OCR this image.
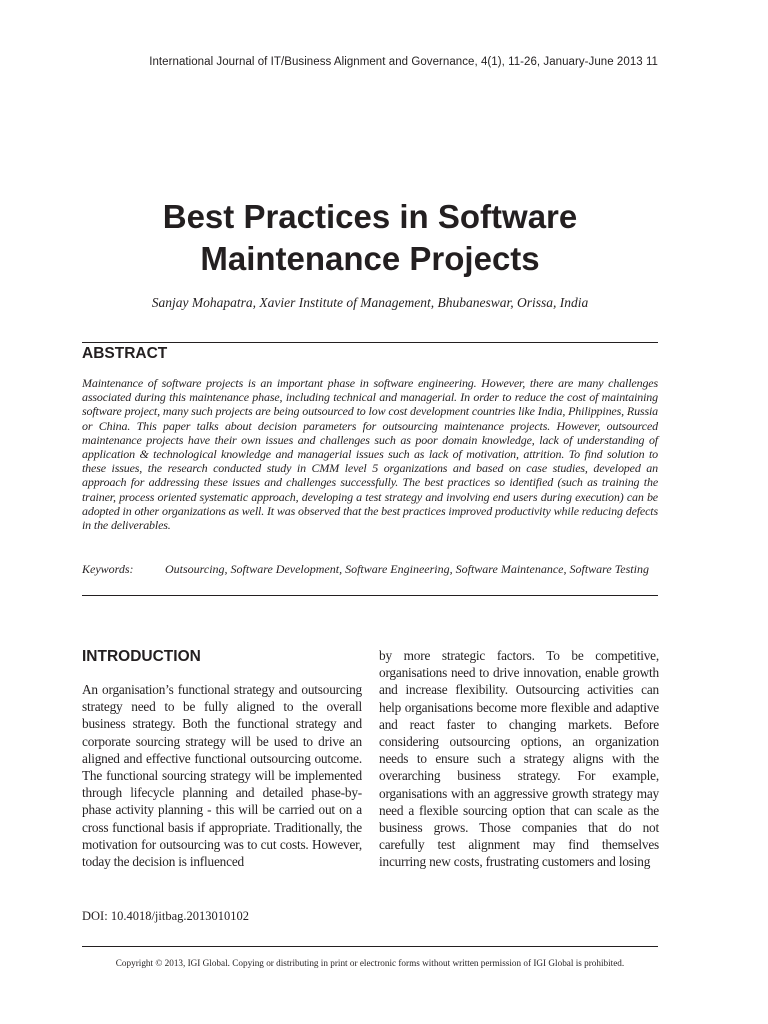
International Journal of IT/Business Alignment and Governance, 4(1), 11-26, January-June 2013 11
Best Practices in Software
Maintenance Projects
Sanjay Mohapatra, Xavier Institute of Management, Bhubaneswar, Orissa, India
ABSTRACT
Maintenance of software projects is an important phase in software engineering. However, there are many challenges associated during this maintenance phase, including technical and managerial. In order to reduce the cost of maintaining software project, many such projects are being outsourced to low cost development countries like India, Philippines, Russia or China. This paper talks about decision parameters for outsourcing maintenance projects. However, outsourced maintenance projects have their own issues and challenges such as poor domain knowledge, lack of understanding of application & technological knowledge and managerial issues such as lack of motivation, attrition. To find solution to these issues, the research conducted study in CMM level 5 organizations and based on case studies, developed an approach for addressing these issues and challenges successfully. The best practices so identified (such as training the trainer, process oriented systematic approach, developing a test strategy and involving end users during execution) can be adopted in other organizations as well. It was observed that the best practices improved productivity while reducing defects in the deliverables.
Keywords:	Outsourcing, Software Development, Software Engineering, Software Maintenance, Software Testing
INTRODUCTION
An organisation’s functional strategy and outsourcing strategy need to be fully aligned to the overall business strategy. Both the functional strategy and corporate sourcing strategy will be used to drive an aligned and effective functional outsourcing outcome. The functional sourcing strategy will be implemented through lifecycle planning and detailed phase-by-phase activity planning - this will be carried out on a cross functional basis if appropriate. Traditionally, the motivation for outsourcing was to cut costs. However, today the decision is influenced
by more strategic factors. To be competitive, organisations need to drive innovation, enable growth and increase flexibility. Outsourcing activities can help organisations become more flexible and adaptive and react faster to changing markets. Before considering outsourcing options, an organization needs to ensure such a strategy aligns with the overarching business strategy. For example, organisations with an aggressive growth strategy may need a flexible sourcing option that can scale as the business grows. Those companies that do not carefully test alignment may find themselves incurring new costs, frustrating customers and losing
DOI: 10.4018/jitbag.2013010102
Copyright © 2013, IGI Global. Copying or distributing in print or electronic forms without written permission of IGI Global is prohibited.
